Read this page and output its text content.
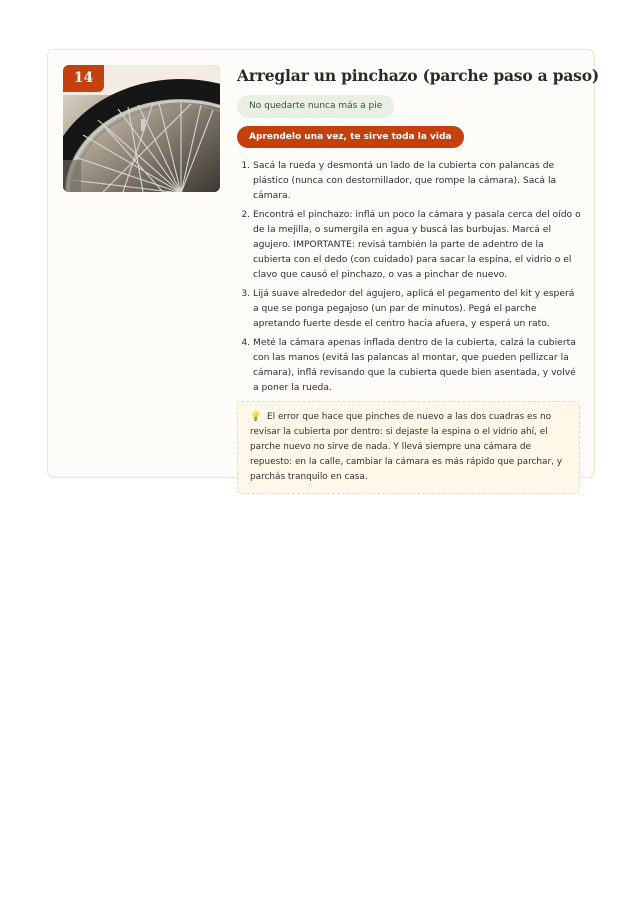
14	Arreglar un pinchazo (parche paso a paso)
No quedarte nunca más a pie
Aprendelo una vez, te sirve toda la vida
1. Sacá la rueda y desmontá un lado de la cubierta con palancas de plástico (nunca con destornillador, que rompe la cámara). Sacá la cámara.
2. Encontrá el pinchazo: inflá un poco la cámara y pasala cerca del oído o de la mejilla, o sumergila en agua y buscá las burbujas. Marcá el agujero. IMPORTANTE: revisá también la parte de adentro de la cubierta con el dedo (con cuidado) para sacar la espina, el vidrio o el clavo que causó el pinchazo, o vas a pinchar de nuevo.
3. Lijá suave alrededor del agujero, aplicá el pegamento del kit y esperá a que se ponga pegajoso (un par de minutos). Pegá el parche apretando fuerte desde el centro hacia afuera, y esperá un rato.
4. Meté la cámara apenas inflada dentro de la cubierta, calzá la cubierta con las manos (evitá las palancas al montar, que pueden pellizcar la cámara), inflá revisando que la cubierta quede bien asentada, y volvé a poner la rueda.
💡 El error que hace que pinches de nuevo a las dos cuadras es no revisar la cubierta por dentro: si dejaste la espina o el vidrio ahí, el parche nuevo no sirve de nada. Y llevá siempre una cámara de repuesto: en la calle, cambiar la cámara es más rápido que parchar, y parchás tranquilo en casa.
